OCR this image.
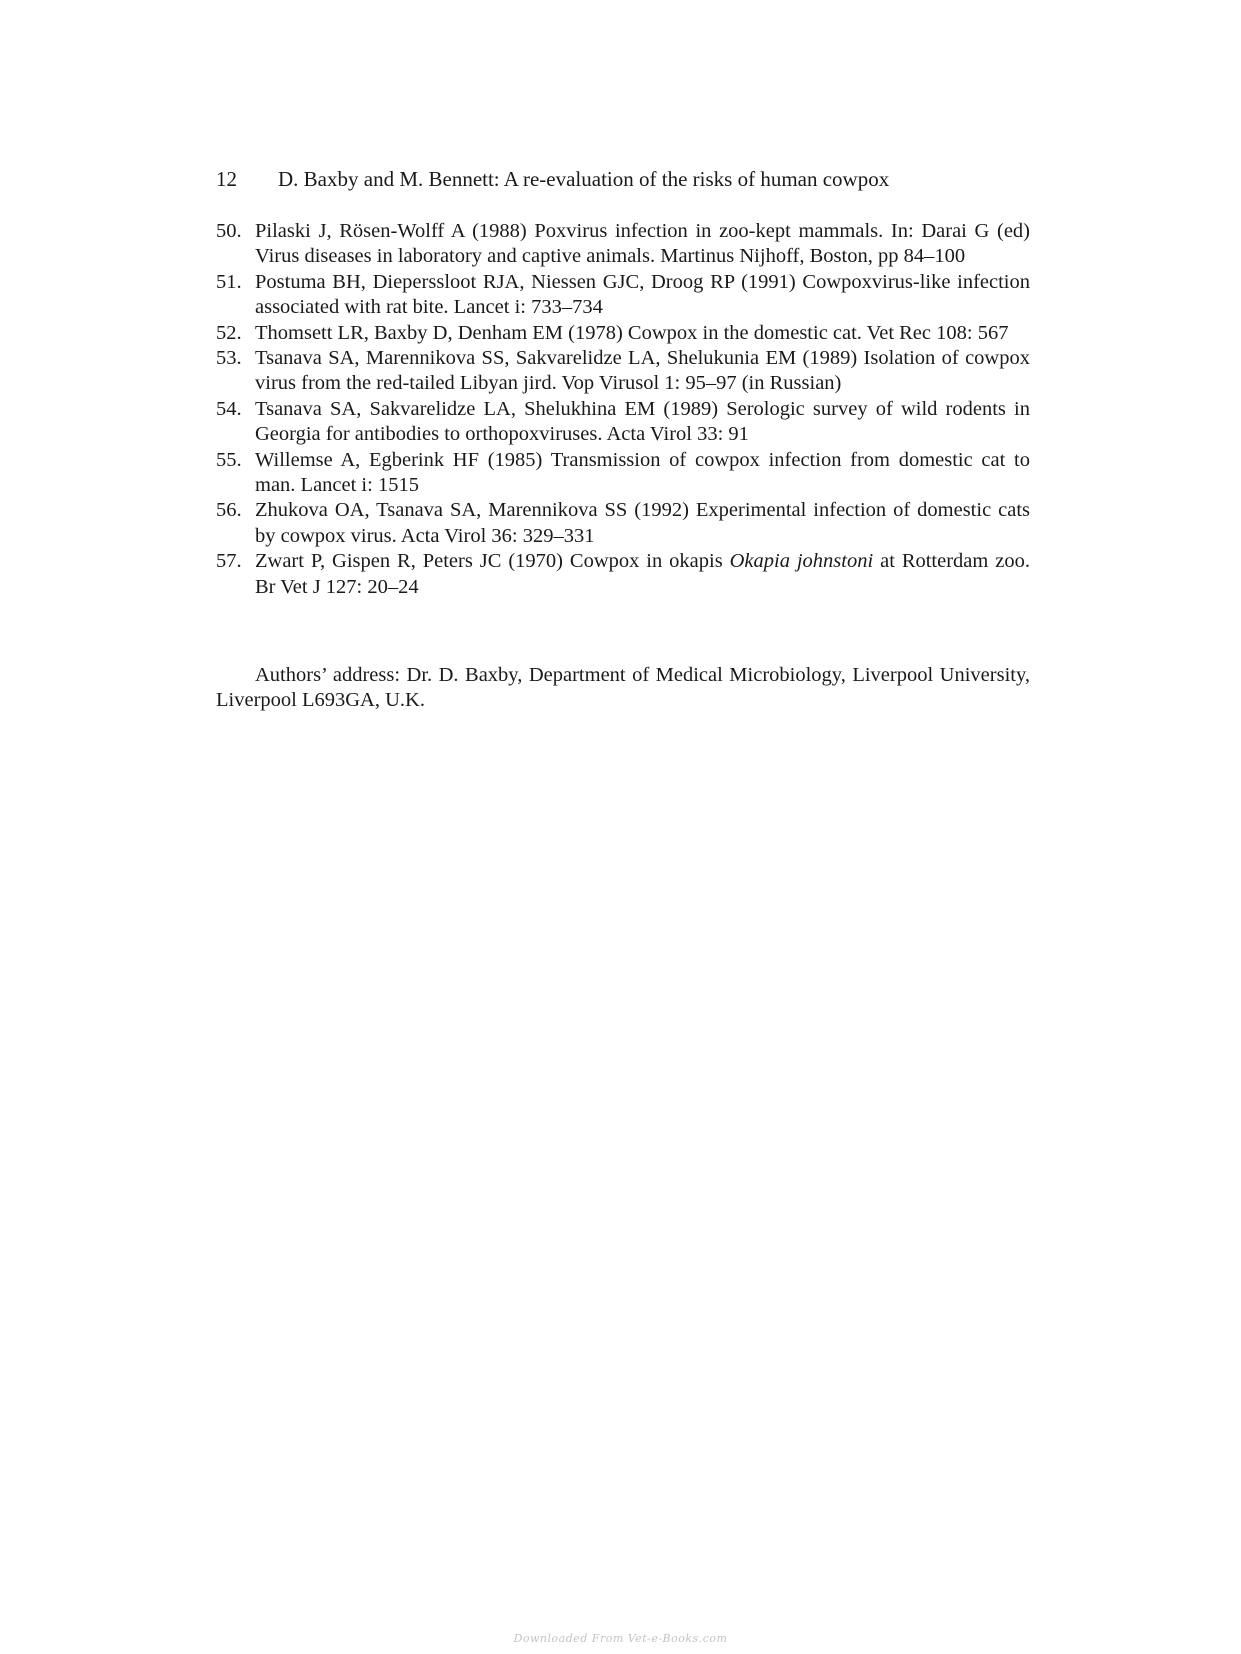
12 D. Baxby and M. Bennett: A re-evaluation of the risks of human cowpox
50. Pilaski J, Rösen-Wolff A (1988) Poxvirus infection in zoo-kept mammals. In: Darai G (ed) Virus diseases in laboratory and captive animals. Martinus Nijhoff, Boston, pp 84–100
51. Postuma BH, Dieperssloot RJA, Niessen GJC, Droog RP (1991) Cowpoxvirus-like infection associated with rat bite. Lancet i: 733–734
52. Thomsett LR, Baxby D, Denham EM (1978) Cowpox in the domestic cat. Vet Rec 108: 567
53. Tsanava SA, Marennikova SS, Sakvarelidze LA, Shelukunia EM (1989) Isolation of cowpox virus from the red-tailed Libyan jird. Vop Virusol 1: 95–97 (in Russian)
54. Tsanava SA, Sakvarelidze LA, Shelukhina EM (1989) Serologic survey of wild rodents in Georgia for antibodies to orthopoxviruses. Acta Virol 33: 91
55. Willemse A, Egberink HF (1985) Transmission of cowpox infection from domestic cat to man. Lancet i: 1515
56. Zhukova OA, Tsanava SA, Marennikova SS (1992) Experimental infection of domestic cats by cowpox virus. Acta Virol 36: 329–331
57. Zwart P, Gispen R, Peters JC (1970) Cowpox in okapis Okapia johnstoni at Rotterdam zoo. Br Vet J 127: 20–24
Authors’ address: Dr. D. Baxby, Department of Medical Microbiology, Liverpool University, Liverpool L693GA, U.K.
Downloaded From Vet-e-Books.com
